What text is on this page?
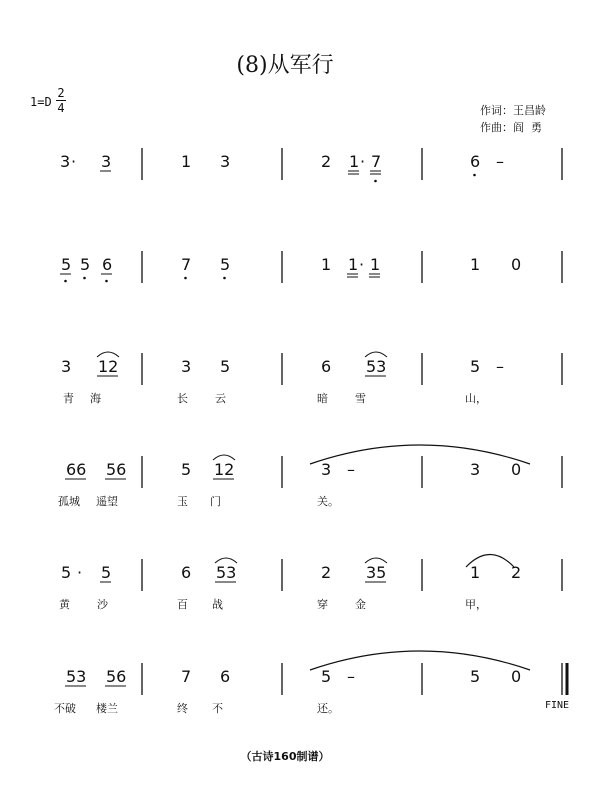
(8)从军行
1=D
2
4	作词：王昌龄
作曲：阎  勇
3 · 3	1 3	2 1 · 7	6 –
5 5 6	7 5	1 1 · 1	1 0
3 12	3 5	6 53	5 –
青 海	长 云	暗 雪	山，
66 56	5 12	3 –	3 0
孤城 遥望	玉 门	关。
5 · 5	6 53	2 35	1 2
黄 沙	百 战	穿 金	甲，
53 56	7 6	5 –	5 0
不破 楼兰	终 不	还。	FINE
（古诗160制谱）
